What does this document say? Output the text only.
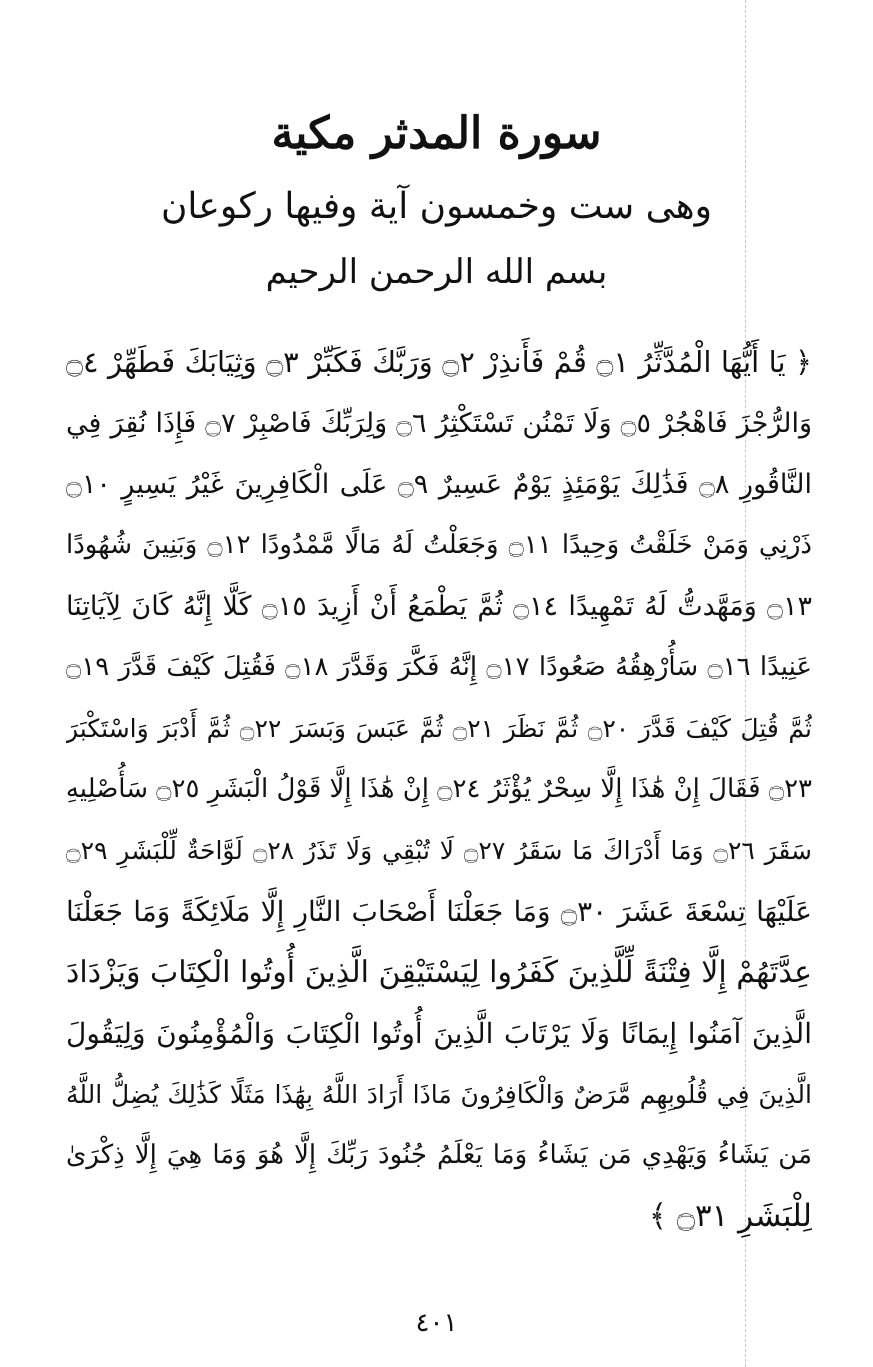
سورة المدثر مكية
وهى ست وخمسون آية وفيها ركوعان
بسم الله الرحمن الرحيم
﴿ يَا أَيُّهَا الْمُدَّثِّرُ ۝١ قُمْ فَأَنذِرْ ۝٢ وَرَبَّكَ فَكَبِّرْ ۝٣ وَثِيَابَكَ فَطَهِّرْ ۝٤
وَالرُّجْزَ فَاهْجُرْ ۝٥ وَلَا تَمْنُن تَسْتَكْثِرُ ۝٦ وَلِرَبِّكَ فَاصْبِرْ ۝٧ فَإِذَا نُقِرَ فِي
النَّاقُورِ ۝٨ فَذَٰلِكَ يَوْمَئِذٍ يَوْمٌ عَسِيرٌ ۝٩ عَلَى الْكَافِرِينَ غَيْرُ يَسِيرٍ ۝١٠
ذَرْنِي وَمَنْ خَلَقْتُ وَحِيدًا ۝١١ وَجَعَلْتُ لَهُ مَالًا مَّمْدُودًا ۝١٢ وَبَنِينَ شُهُودًا
۝١٣ وَمَهَّدتُّ لَهُ تَمْهِيدًا ۝١٤ ثُمَّ يَطْمَعُ أَنْ أَزِيدَ ۝١٥ كَلَّا إِنَّهُ كَانَ لِآيَاتِنَا
عَنِيدًا ۝١٦ سَأُرْهِقُهُ صَعُودًا ۝١٧ إِنَّهُ فَكَّرَ وَقَدَّرَ ۝١٨ فَقُتِلَ كَيْفَ قَدَّرَ ۝١٩
ثُمَّ قُتِلَ كَيْفَ قَدَّرَ ۝٢٠ ثُمَّ نَظَرَ ۝٢١ ثُمَّ عَبَسَ وَبَسَرَ ۝٢٢ ثُمَّ أَدْبَرَ وَاسْتَكْبَرَ
۝٢٣ فَقَالَ إِنْ هَٰذَا إِلَّا سِحْرٌ يُؤْثَرُ ۝٢٤ إِنْ هَٰذَا إِلَّا قَوْلُ الْبَشَرِ ۝٢٥ سَأُصْلِيهِ
سَقَرَ ۝٢٦ وَمَا أَدْرَاكَ مَا سَقَرُ ۝٢٧ لَا تُبْقِي وَلَا تَذَرُ ۝٢٨ لَوَّاحَةٌ لِّلْبَشَرِ ۝٢٩
عَلَيْهَا تِسْعَةَ عَشَرَ ۝٣٠ وَمَا جَعَلْنَا أَصْحَابَ النَّارِ إِلَّا مَلَائِكَةً وَمَا جَعَلْنَا
عِدَّتَهُمْ إِلَّا فِتْنَةً لِّلَّذِينَ كَفَرُوا لِيَسْتَيْقِنَ الَّذِينَ أُوتُوا الْكِتَابَ وَيَزْدَادَ
الَّذِينَ آمَنُوا إِيمَانًا وَلَا يَرْتَابَ الَّذِينَ أُوتُوا الْكِتَابَ وَالْمُؤْمِنُونَ وَلِيَقُولَ
الَّذِينَ فِي قُلُوبِهِم مَّرَضٌ وَالْكَافِرُونَ مَاذَا أَرَادَ اللَّهُ بِهَٰذَا مَثَلًا كَذَٰلِكَ يُضِلُّ اللَّهُ
مَن يَشَاءُ وَيَهْدِي مَن يَشَاءُ وَمَا يَعْلَمُ جُنُودَ رَبِّكَ إِلَّا هُوَ وَمَا هِيَ إِلَّا ذِكْرَىٰ
لِلْبَشَرِ ۝٣١ ﴾
٤٠١
